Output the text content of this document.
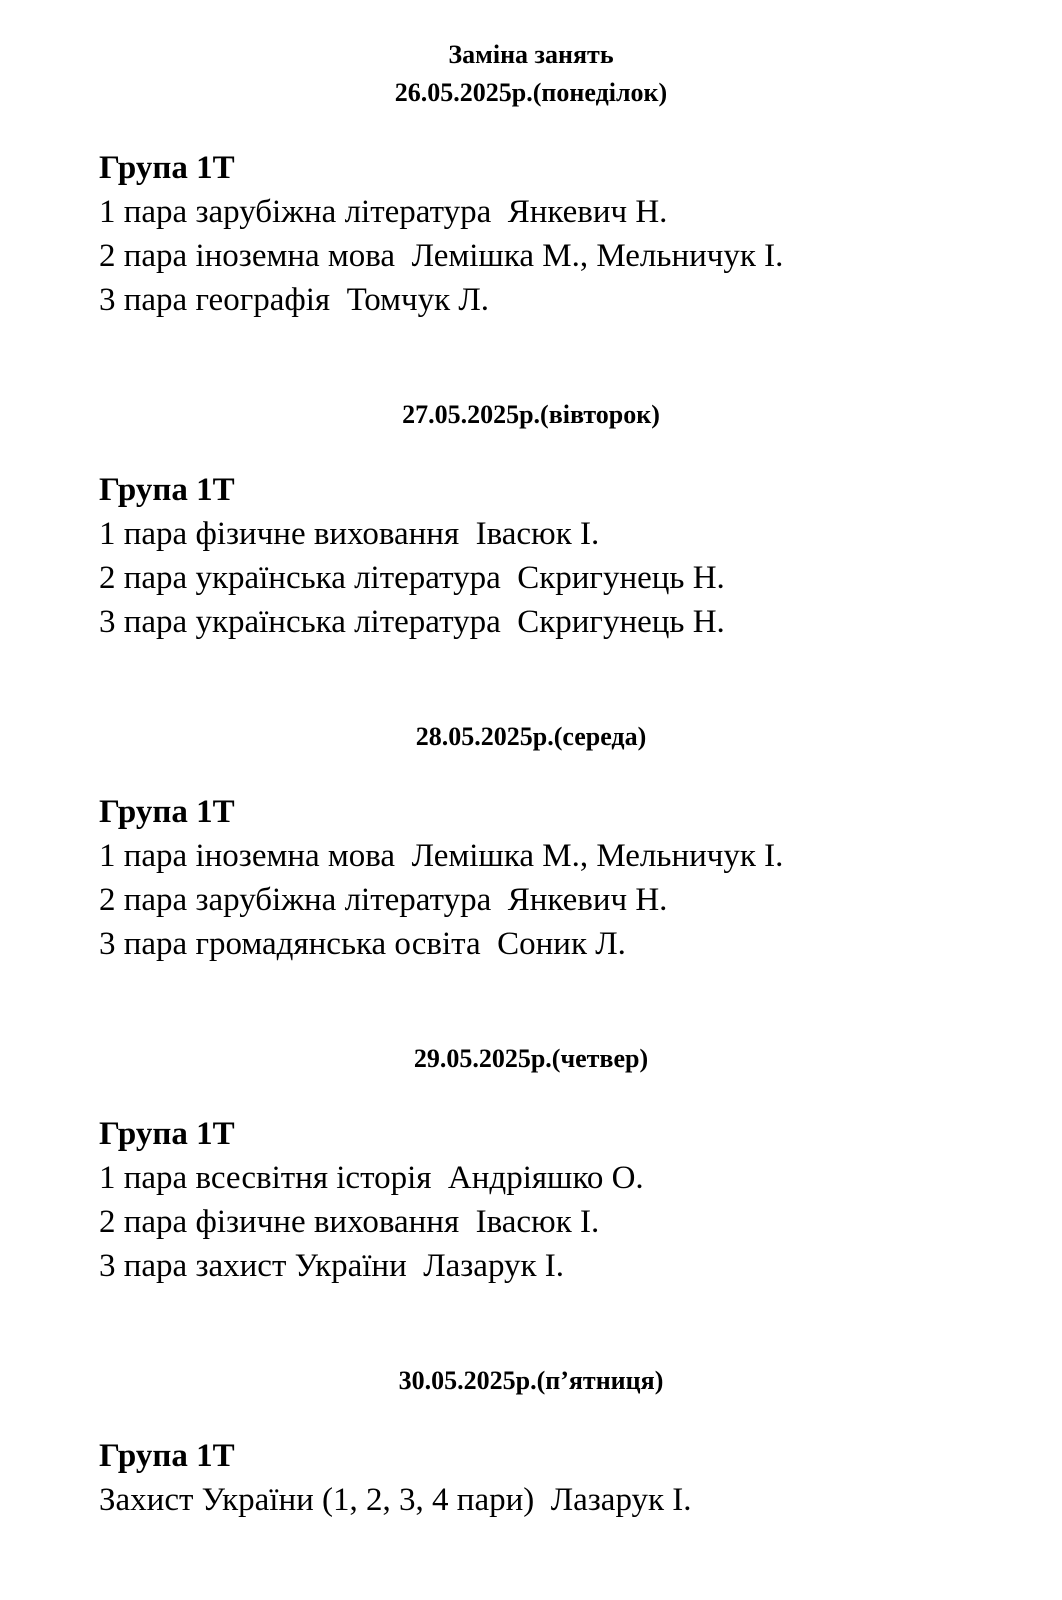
Заміна занять
26.05.2025р.(понеділок)
Група 1Т

1 пара зарубіжна література  Янкевич Н.

2 пара іноземна мова  Лемішка М., Мельничук І.

3 пара географія  Томчук Л.

27.05.2025р.(вівторок)
Група 1Т

1 пара фізичне виховання  Івасюк І.

2 пара українська література  Скригунець Н.

3 пара українська література  Скригунець Н.

28.05.2025р.(середа)
Група 1Т

1 пара іноземна мова  Лемішка М., Мельничук І.

2 пара зарубіжна література  Янкевич Н.

3 пара громадянська освіта  Соник Л.

29.05.2025р.(четвер)
Група 1Т

1 пара всесвітня історія  Андріяшко О.

2 пара фізичне виховання  Івасюк І.

3 пара захист України  Лазарук І.

30.05.2025р.(п’ятниця)
Група 1Т

Захист України (1, 2, 3, 4 пари)  Лазарук І.
